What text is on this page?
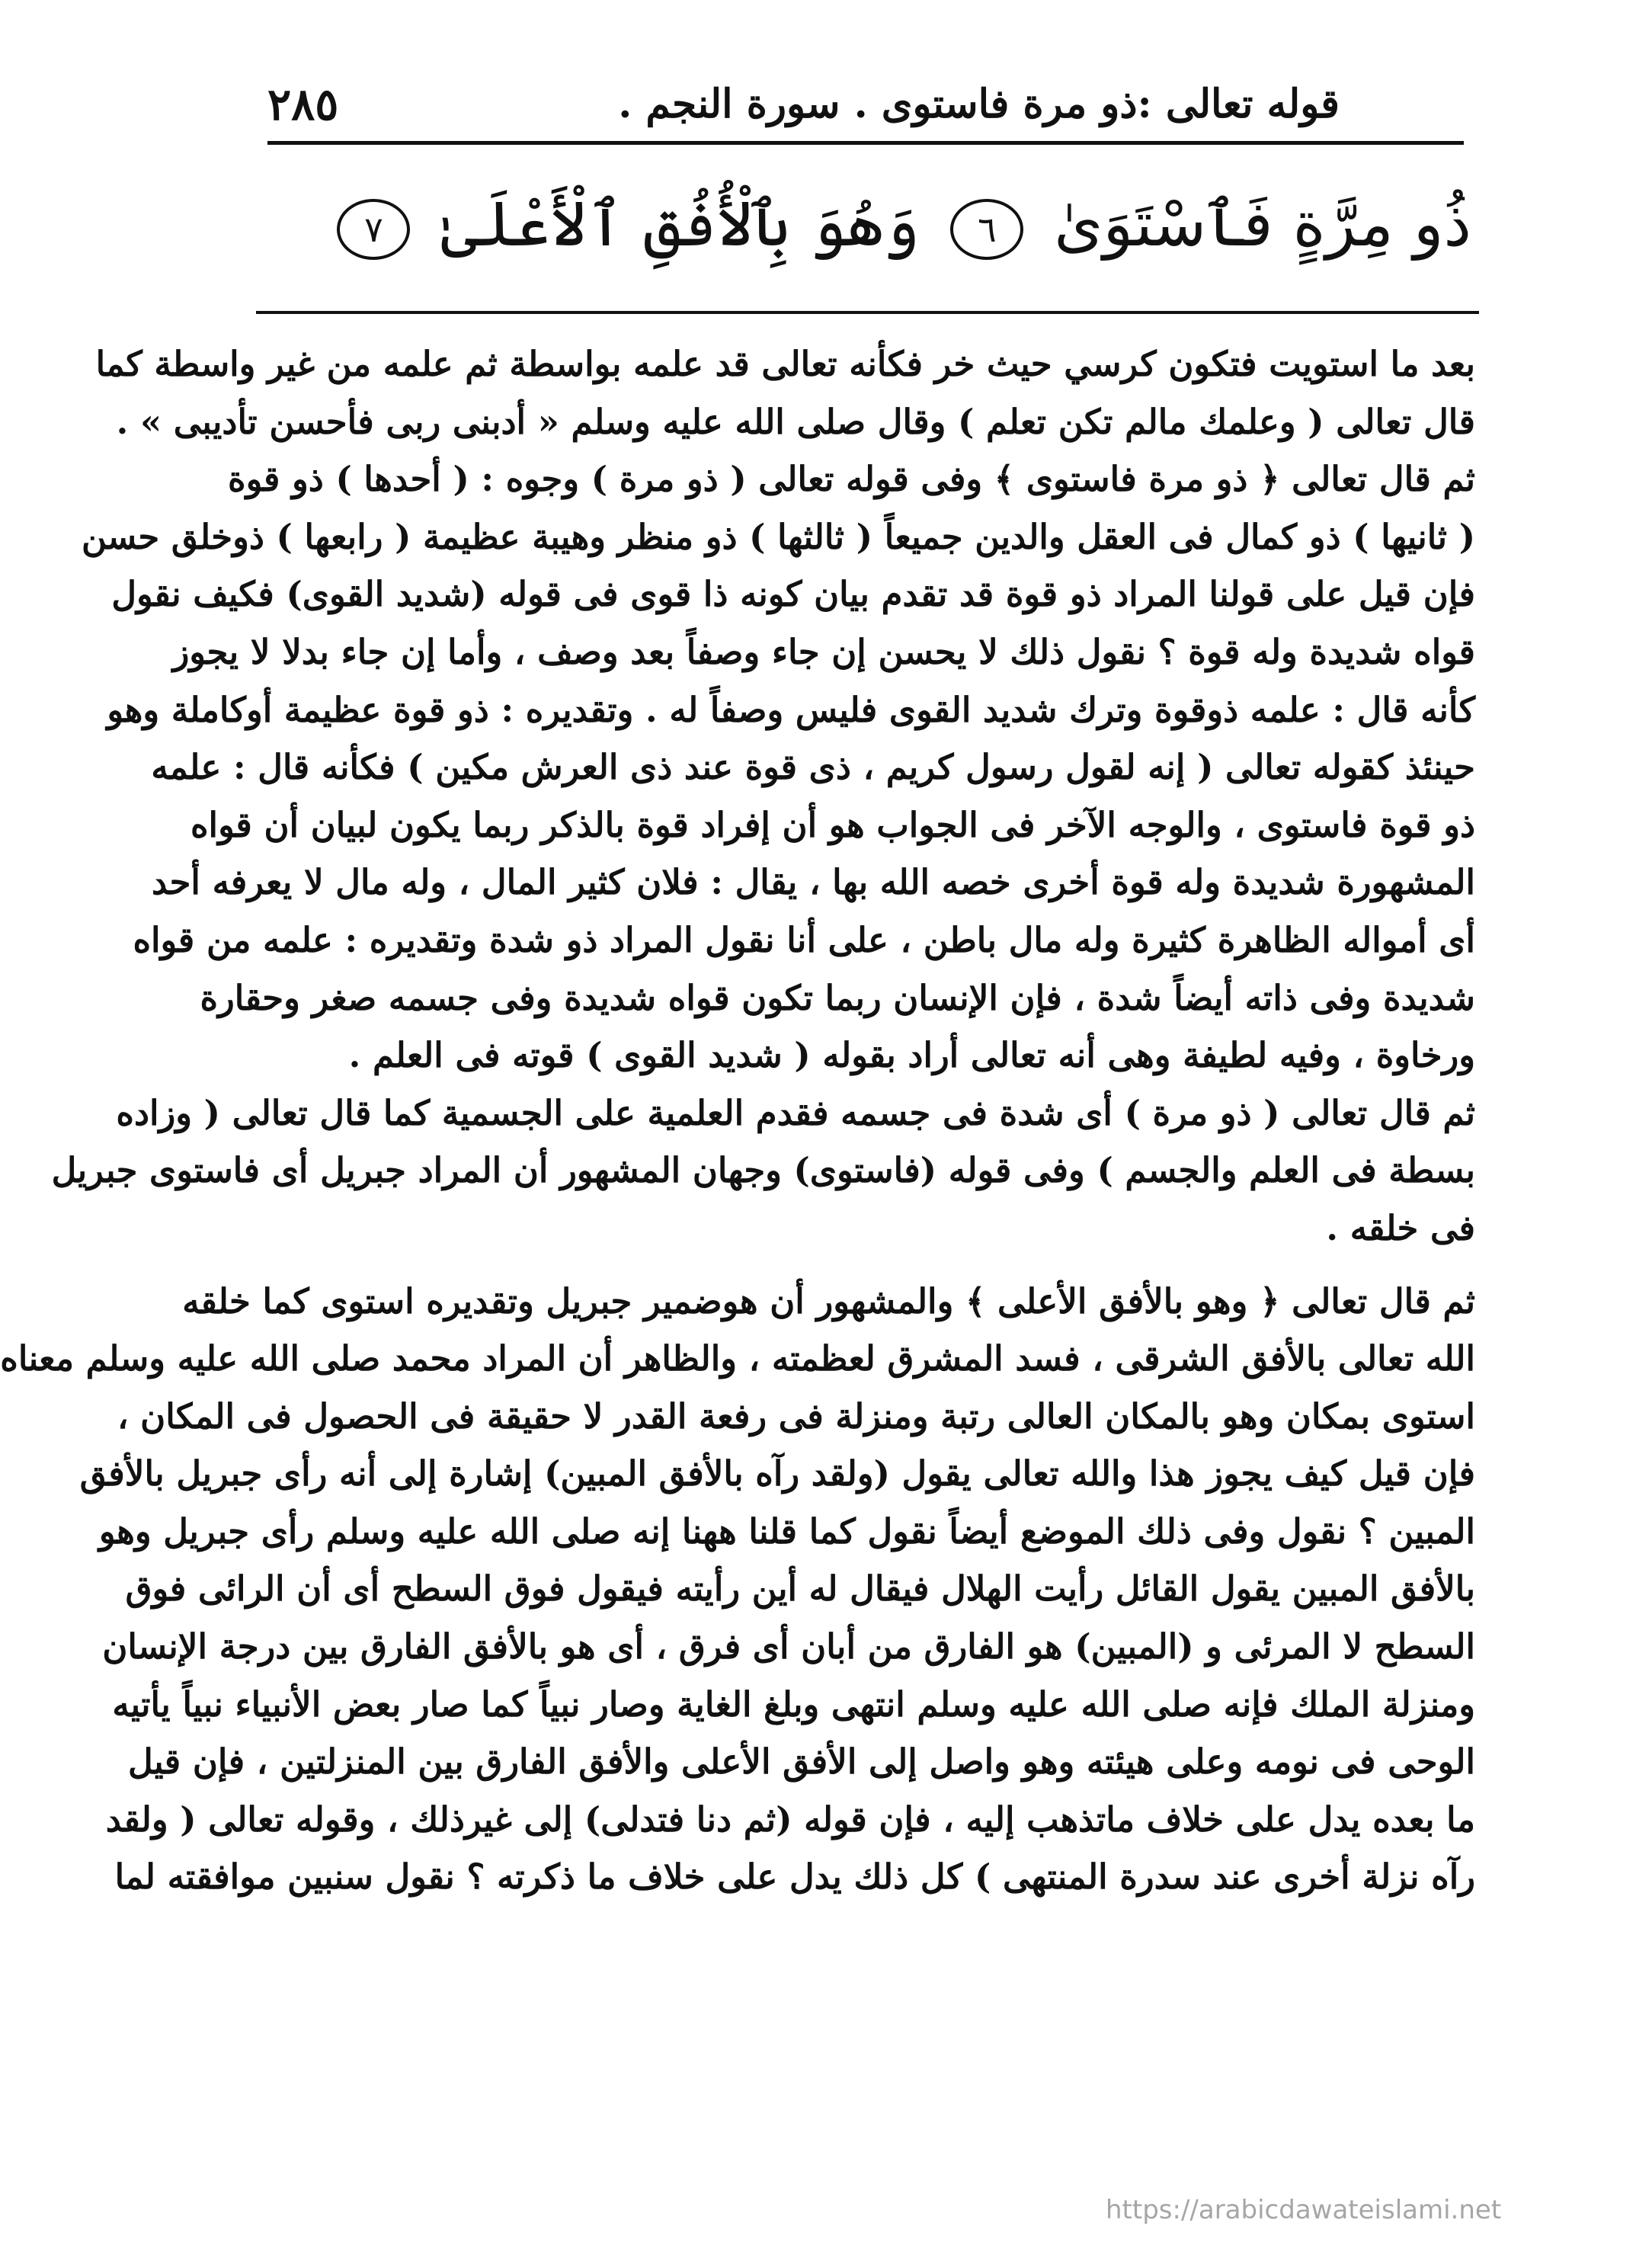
قوله تعالى :ذو مرة فاستوى . سورة النجم .
٢٨٥
ذُو مِرَّةٍ فَٱسْتَوَىٰ ٦ وَهُوَ بِٱلْأُفُقِ ٱلْأَعْلَىٰ ٧
بعد ما استويت فتكون كرسي حيث خر فكأنه تعالى قد علمه بواسطة ثم علمه من غير واسطة كما
قال تعالى ( وعلمك مالم تكن تعلم ) وقال صلى الله عليه وسلم « أدبنى ربى فأحسن تأديبى » .
ثم قال تعالى ﴿ ذو مرة فاستوى ﴾ وفى قوله تعالى ( ذو مرة ) وجوه : ( أحدها ) ذو قوة
( ثانيها ) ذو كمال فى العقل والدين جميعاً ( ثالثها ) ذو منظر وهيبة عظيمة ( رابعها ) ذوخلق حسن
فإن قيل على قولنا المراد ذو قوة قد تقدم بيان كونه ذا قوى فى قوله (شديد القوى) فكيف نقول
قواه شديدة وله قوة ؟ نقول ذلك لا يحسن إن جاء وصفاً بعد وصف ، وأما إن جاء بدلا لا يجوز
كأنه قال : علمه ذوقوة وترك شديد القوى فليس وصفاً له . وتقديره : ذو قوة عظيمة أوكاملة وهو
حينئذ كقوله تعالى ( إنه لقول رسول كريم ، ذى قوة عند ذى العرش مكين ) فكأنه قال : علمه
ذو قوة فاستوى ، والوجه الآخر فى الجواب هو أن إفراد قوة بالذكر ربما يكون لبيان أن قواه
المشهورة شديدة وله قوة أخرى خصه الله بها ، يقال : فلان كثير المال ، وله مال لا يعرفه أحد
أى أمواله الظاهرة كثيرة وله مال باطن ، على أنا نقول المراد ذو شدة وتقديره : علمه من قواه
شديدة وفى ذاته أيضاً شدة ، فإن الإنسان ربما تكون قواه شديدة وفى جسمه صغر وحقارة
ورخاوة ، وفيه لطيفة وهى أنه تعالى أراد بقوله ( شديد القوى ) قوته فى العلم .
ثم قال تعالى ( ذو مرة ) أى شدة فى جسمه فقدم العلمية على الجسمية كما قال تعالى ( وزاده
بسطة فى العلم والجسم ) وفى قوله (فاستوى) وجهان المشهور أن المراد جبريل أى فاستوى جبريل
فى خلقه .
ثم قال تعالى ﴿ وهو بالأفق الأعلى ﴾ والمشهور أن هوضمير جبريل وتقديره استوى كما خلقه
الله تعالى بالأفق الشرقى ، فسد المشرق لعظمته ، والظاهر أن المراد محمد صلى الله عليه وسلم معناه
استوى بمكان وهو بالمكان العالى رتبة ومنزلة فى رفعة القدر لا حقيقة فى الحصول فى المكان ،
فإن قيل كيف يجوز هذا والله تعالى يقول (ولقد رآه بالأفق المبين) إشارة إلى أنه رأى جبريل بالأفق
المبين ؟ نقول وفى ذلك الموضع أيضاً نقول كما قلنا ههنا إنه صلى الله عليه وسلم رأى جبريل وهو
بالأفق المبين يقول القائل رأيت الهلال فيقال له أين رأيته فيقول فوق السطح أى أن الرائى فوق
السطح لا المرئى و (المبين) هو الفارق من أبان أى فرق ، أى هو بالأفق الفارق بين درجة الإنسان
ومنزلة الملك فإنه صلى الله عليه وسلم انتهى وبلغ الغاية وصار نبياً كما صار بعض الأنبياء نبياً يأتيه
الوحى فى نومه وعلى هيئته وهو واصل إلى الأفق الأعلى والأفق الفارق بين المنزلتين ، فإن قيل
ما بعده يدل على خلاف ماتذهب إليه ، فإن قوله (ثم دنا فتدلى) إلى غيرذلك ، وقوله تعالى ( ولقد
رآه نزلة أخرى عند سدرة المنتهى ) كل ذلك يدل على خلاف ما ذكرته ؟ نقول سنبين موافقته لما
https://arabicdawateislami.net
